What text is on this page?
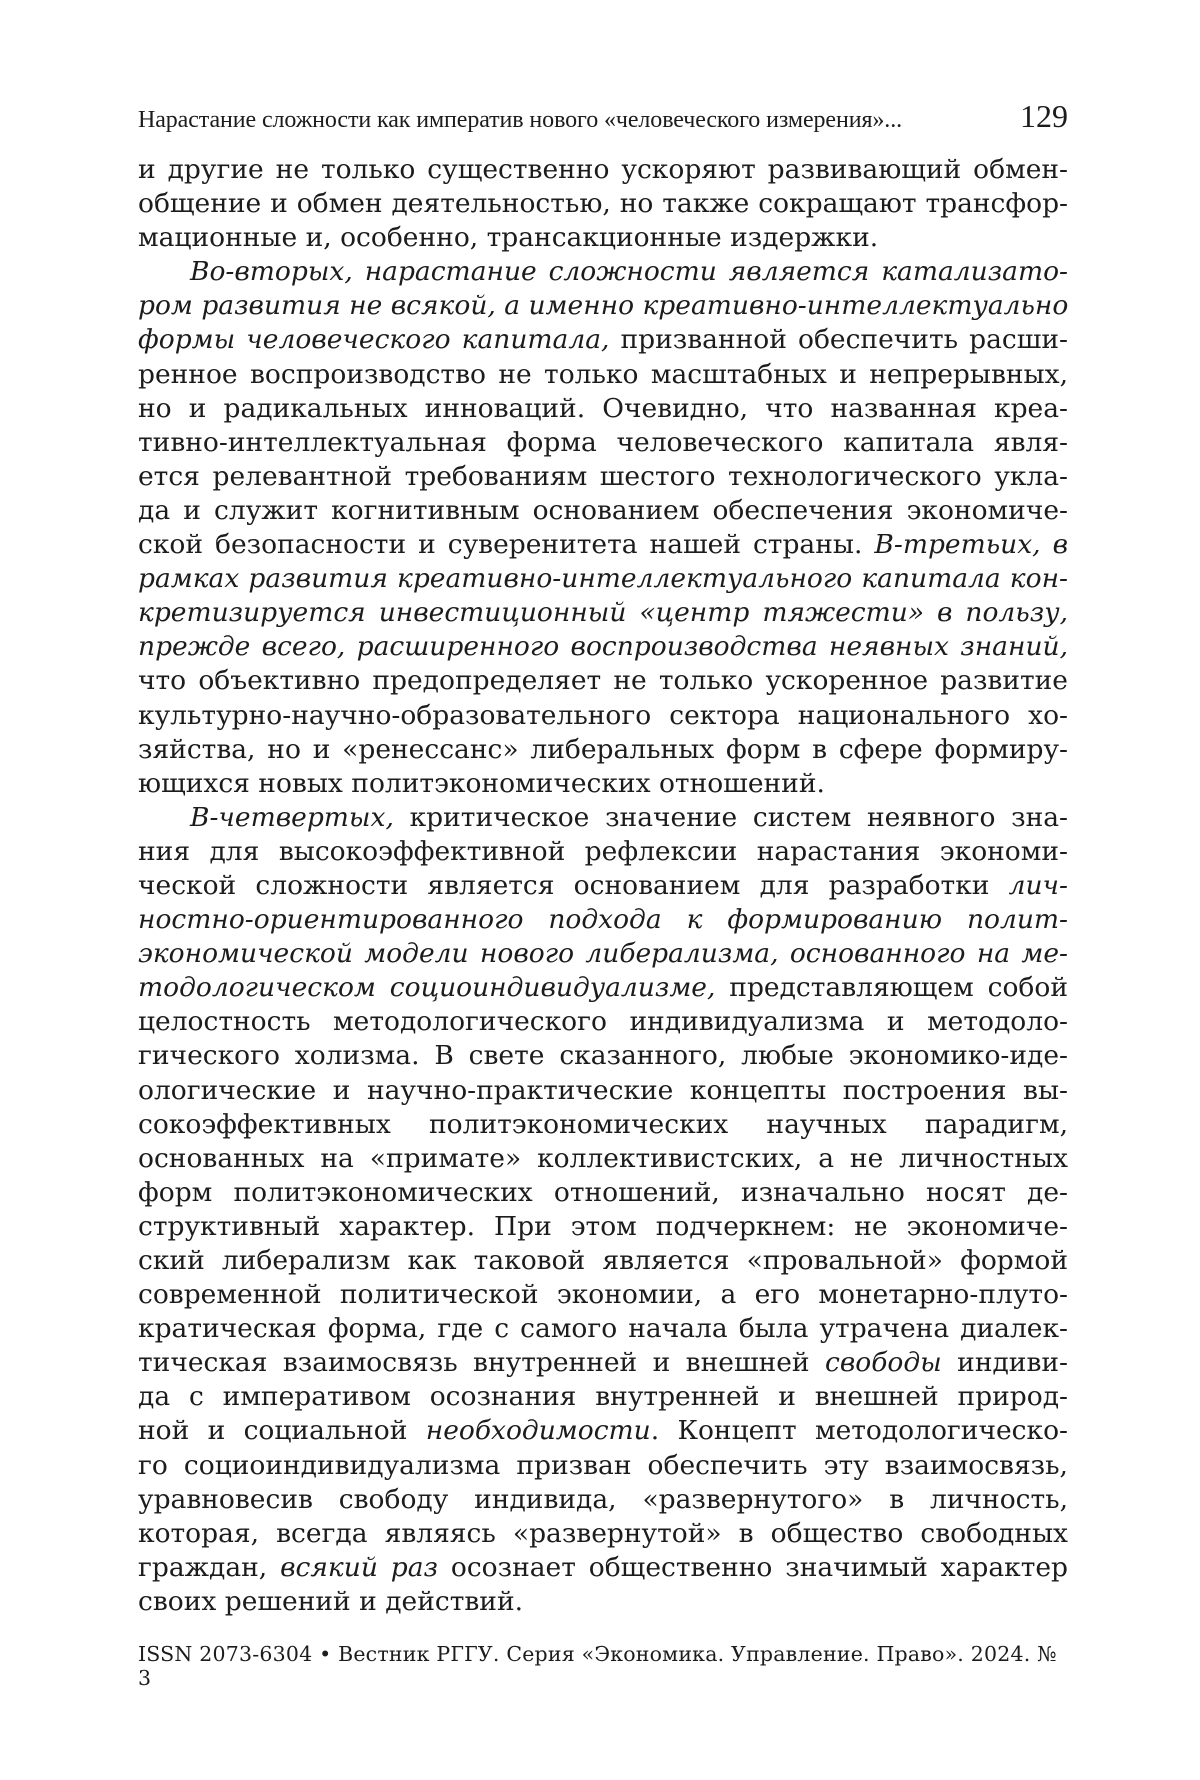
Нарастание сложности как императив нового «человеческого измерения»...	129
и другие не только существенно ускоряют развивающий обмен-
общение и обмен деятельностью, но также сокращают трансфор-
мационные и, особенно, трансакционные издержки.
Во-вторых, нарастание сложности является катализато-
ром развития не всякой, а именно креативно-интеллектуальной
формы человеческого капитала, призванной обеспечить расши-
ренное воспроизводство не только масштабных и непрерывных,
но и радикальных инноваций. Очевидно, что названная креа-
тивно-интеллектуальная форма человеческого капитала явля-
ется релевантной требованиям шестого технологического укла-
да и служит когнитивным основанием обеспечения экономиче-
ской безопасности и суверенитета нашей страны. В-третьих, в
рамках развития креативно-интеллектуального капитала кон-
кретизируется инвестиционный «центр тяжести» в пользу,
прежде всего, расширенного воспроизводства неявных знаний,
что объективно предопределяет не только ускоренное развитие
культурно-научно-образовательного сектора национального хо-
зяйства, но и «ренессанс» либеральных форм в сфере формиру-
ющихся новых политэкономических отношений.
В-четвертых, критическое значение систем неявного зна-
ния для высокоэффективной рефлексии нарастания экономи-
ческой сложности является основанием для разработки лич-
ностно-ориентированного подхода к формированию полит-
экономической модели нового либерализма, основанного на ме-
тодологическом социоиндивидуализме, представляющем собой
целостность методологического индивидуализма и методоло-
гического холизма. В свете сказанного, любые экономико-иде-
ологические и научно-практические концепты построения вы-
сокоэффективных политэкономических научных парадигм,
основанных на «примате» коллективистских, а не личностных
форм политэкономических отношений, изначально носят де-
структивный характер. При этом подчеркнем: не экономиче-
ский либерализм как таковой является «провальной» формой
современной политической экономии, а его монетарно-плуто-
кратическая форма, где с самого начала была утрачена диалек-
тическая взаимосвязь внутренней и внешней свободы индиви-
да с императивом осознания внутренней и внешней природ-
ной и социальной необходимости. Концепт методологическо-
го социоиндивидуализма призван обеспечить эту взаимосвязь,
уравновесив свободу индивида, «развернутого» в личность,
которая, всегда являясь «развернутой» в общество свободных
граждан, всякий раз осознает общественно значимый характер
своих решений и действий.
ISSN 2073-6304 • Вестник РГГУ. Серия «Экономика. Управление. Право». 2024. № 3
